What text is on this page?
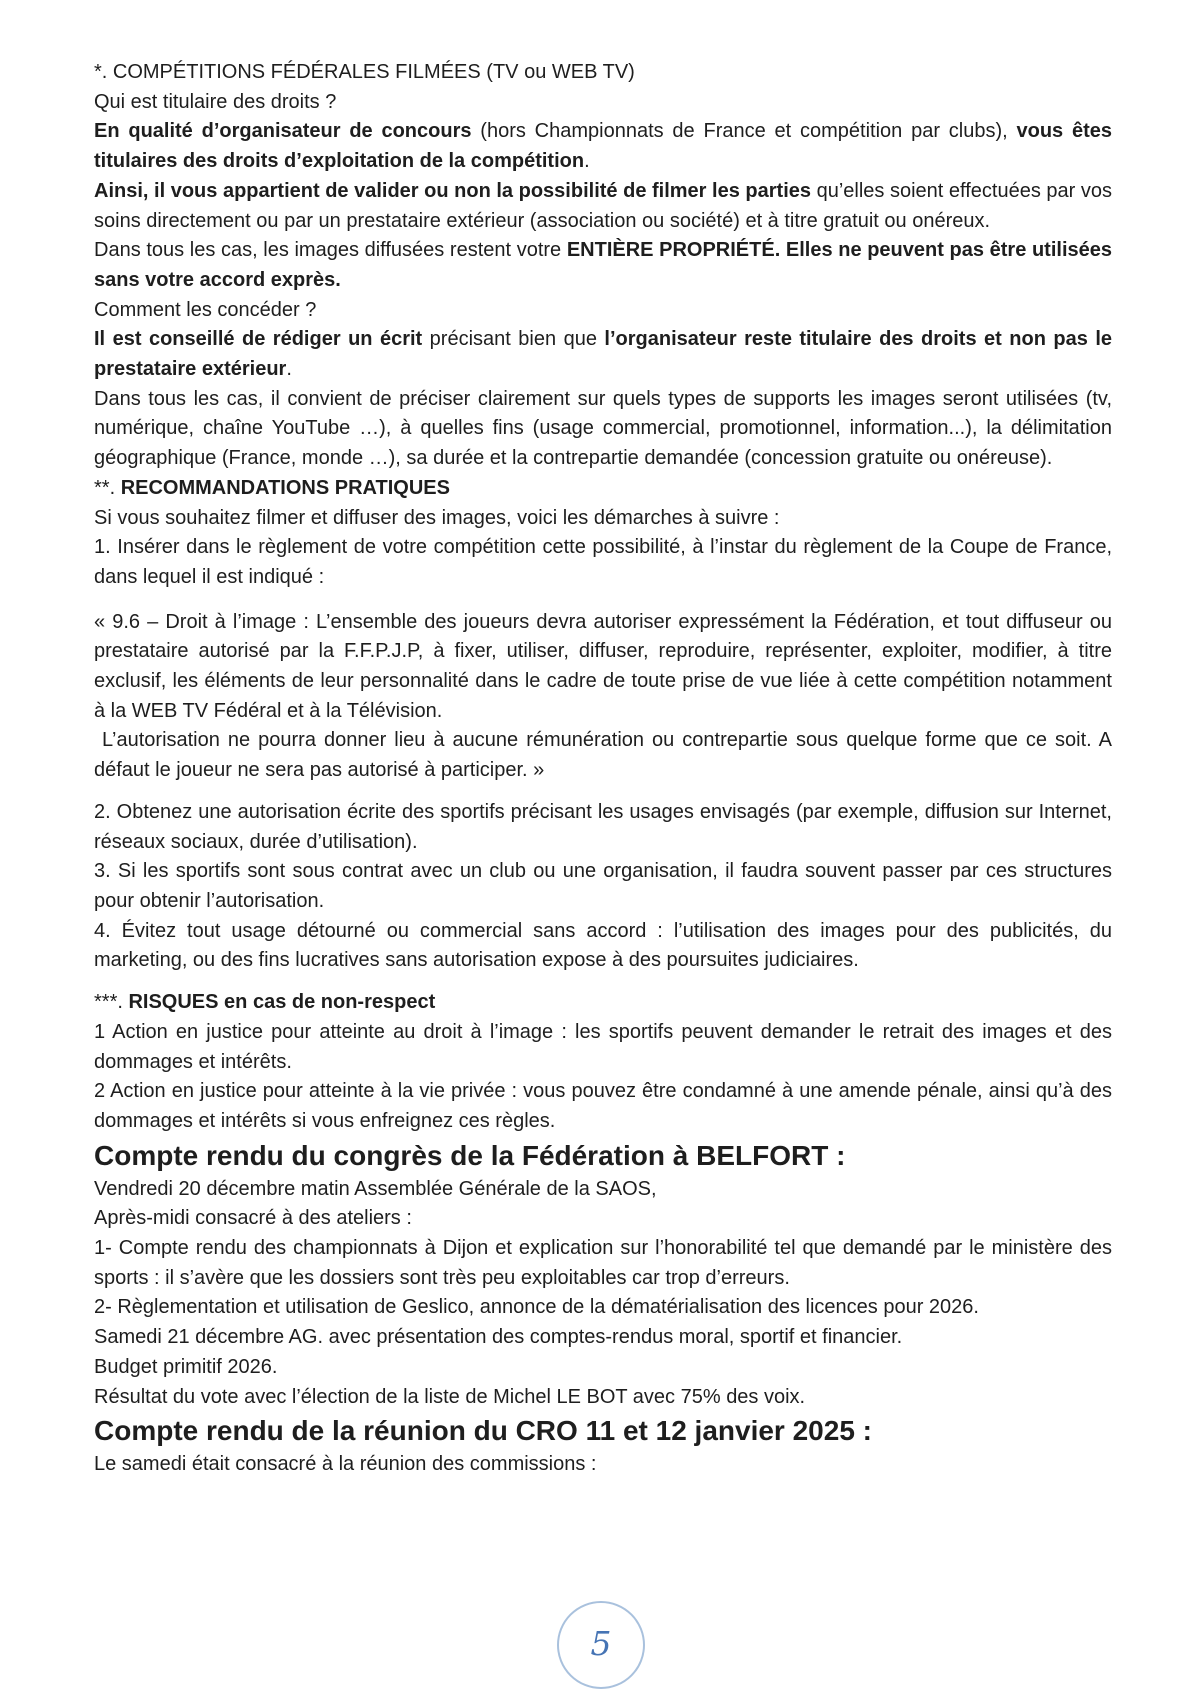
*. COMPÉTITIONS FÉDÉRALES FILMÉES (TV ou WEB TV)

Qui est titulaire des droits ?

En qualité d’organisateur de concours (hors Championnats de France et compétition par clubs), vous êtes titulaires des droits d’exploitation de la compétition.

Ainsi, il vous appartient de valider ou non la possibilité de filmer les parties qu’elles soient effectuées par vos soins directement ou par un prestataire extérieur (association ou société) et à titre gratuit ou onéreux.

Dans tous les cas, les images diffusées restent votre ENTIÈRE PROPRIÉTÉ. Elles ne peuvent pas être utilisées sans votre accord exprès.

Comment les concéder ?

Il est conseillé de rédiger un écrit précisant bien que l’organisateur reste titulaire des droits et non pas le prestataire extérieur.

Dans tous les cas, il convient de préciser clairement sur quels types de supports les images seront utilisées (tv, numérique, chaîne YouTube …), à quelles fins (usage commercial, promotionnel, information...), la délimitation géographique (France, monde …), sa durée et la contrepartie demandée (concession gratuite ou onéreuse).

**. RECOMMANDATIONS PRATIQUES

Si vous souhaitez filmer et diffuser des images, voici les démarches à suivre :

1. Insérer dans le règlement de votre compétition cette possibilité, à l’instar du règlement de la Coupe de France, dans lequel il est indiqué :

« 9.6 – Droit à l’image : L’ensemble des joueurs devra autoriser expressément la Fédération, et tout diffuseur ou prestataire autorisé par la F.F.P.J.P, à fixer, utiliser, diffuser, reproduire, représenter, exploiter, modifier, à titre exclusif, les éléments de leur personnalité dans le cadre de toute prise de vue liée à cette compétition notamment à la WEB TV Fédéral et à la Télévision.

L’autorisation ne pourra donner lieu à aucune rémunération ou contrepartie sous quelque forme que ce soit. A défaut le joueur ne sera pas autorisé à participer. »

2. Obtenez une autorisation écrite des sportifs précisant les usages envisagés (par exemple, diffusion sur Internet, réseaux sociaux, durée d’utilisation).

3. Si les sportifs sont sous contrat avec un club ou une organisation, il faudra souvent passer par ces structures pour obtenir l’autorisation.

4. Évitez tout usage détourné ou commercial sans accord : l’utilisation des images pour des publicités, du marketing, ou des fins lucratives sans autorisation expose à des poursuites judiciaires.

***. RISQUES en cas de non-respect

1 Action en justice pour atteinte au droit à l’image : les sportifs peuvent demander le retrait des images et des dommages et intérêts.

2 Action en justice pour atteinte à la vie privée : vous pouvez être condamné à une amende pénale, ainsi qu’à des dommages et intérêts si vous enfreignez ces règles.

Compte rendu du congrès de la Fédération à BELFORT :

Vendredi 20 décembre matin Assemblée Générale de la SAOS,

Après-midi consacré à des ateliers :

1- Compte rendu des championnats à Dijon et explication sur l’honorabilité tel que demandé par le ministère des sports : il s’avère que les dossiers sont très peu exploitables car trop d’erreurs.

2- Règlementation et utilisation de Geslico, annonce de la dématérialisation des licences pour 2026.

Samedi 21 décembre AG. avec présentation des comptes-rendus moral, sportif et financier.

Budget primitif 2026.

Résultat du vote avec l’élection de la liste de Michel LE BOT avec 75% des voix.

Compte rendu de la réunion du CRO 11 et 12 janvier 2025 :

Le samedi était consacré à la réunion des commissions :

5
